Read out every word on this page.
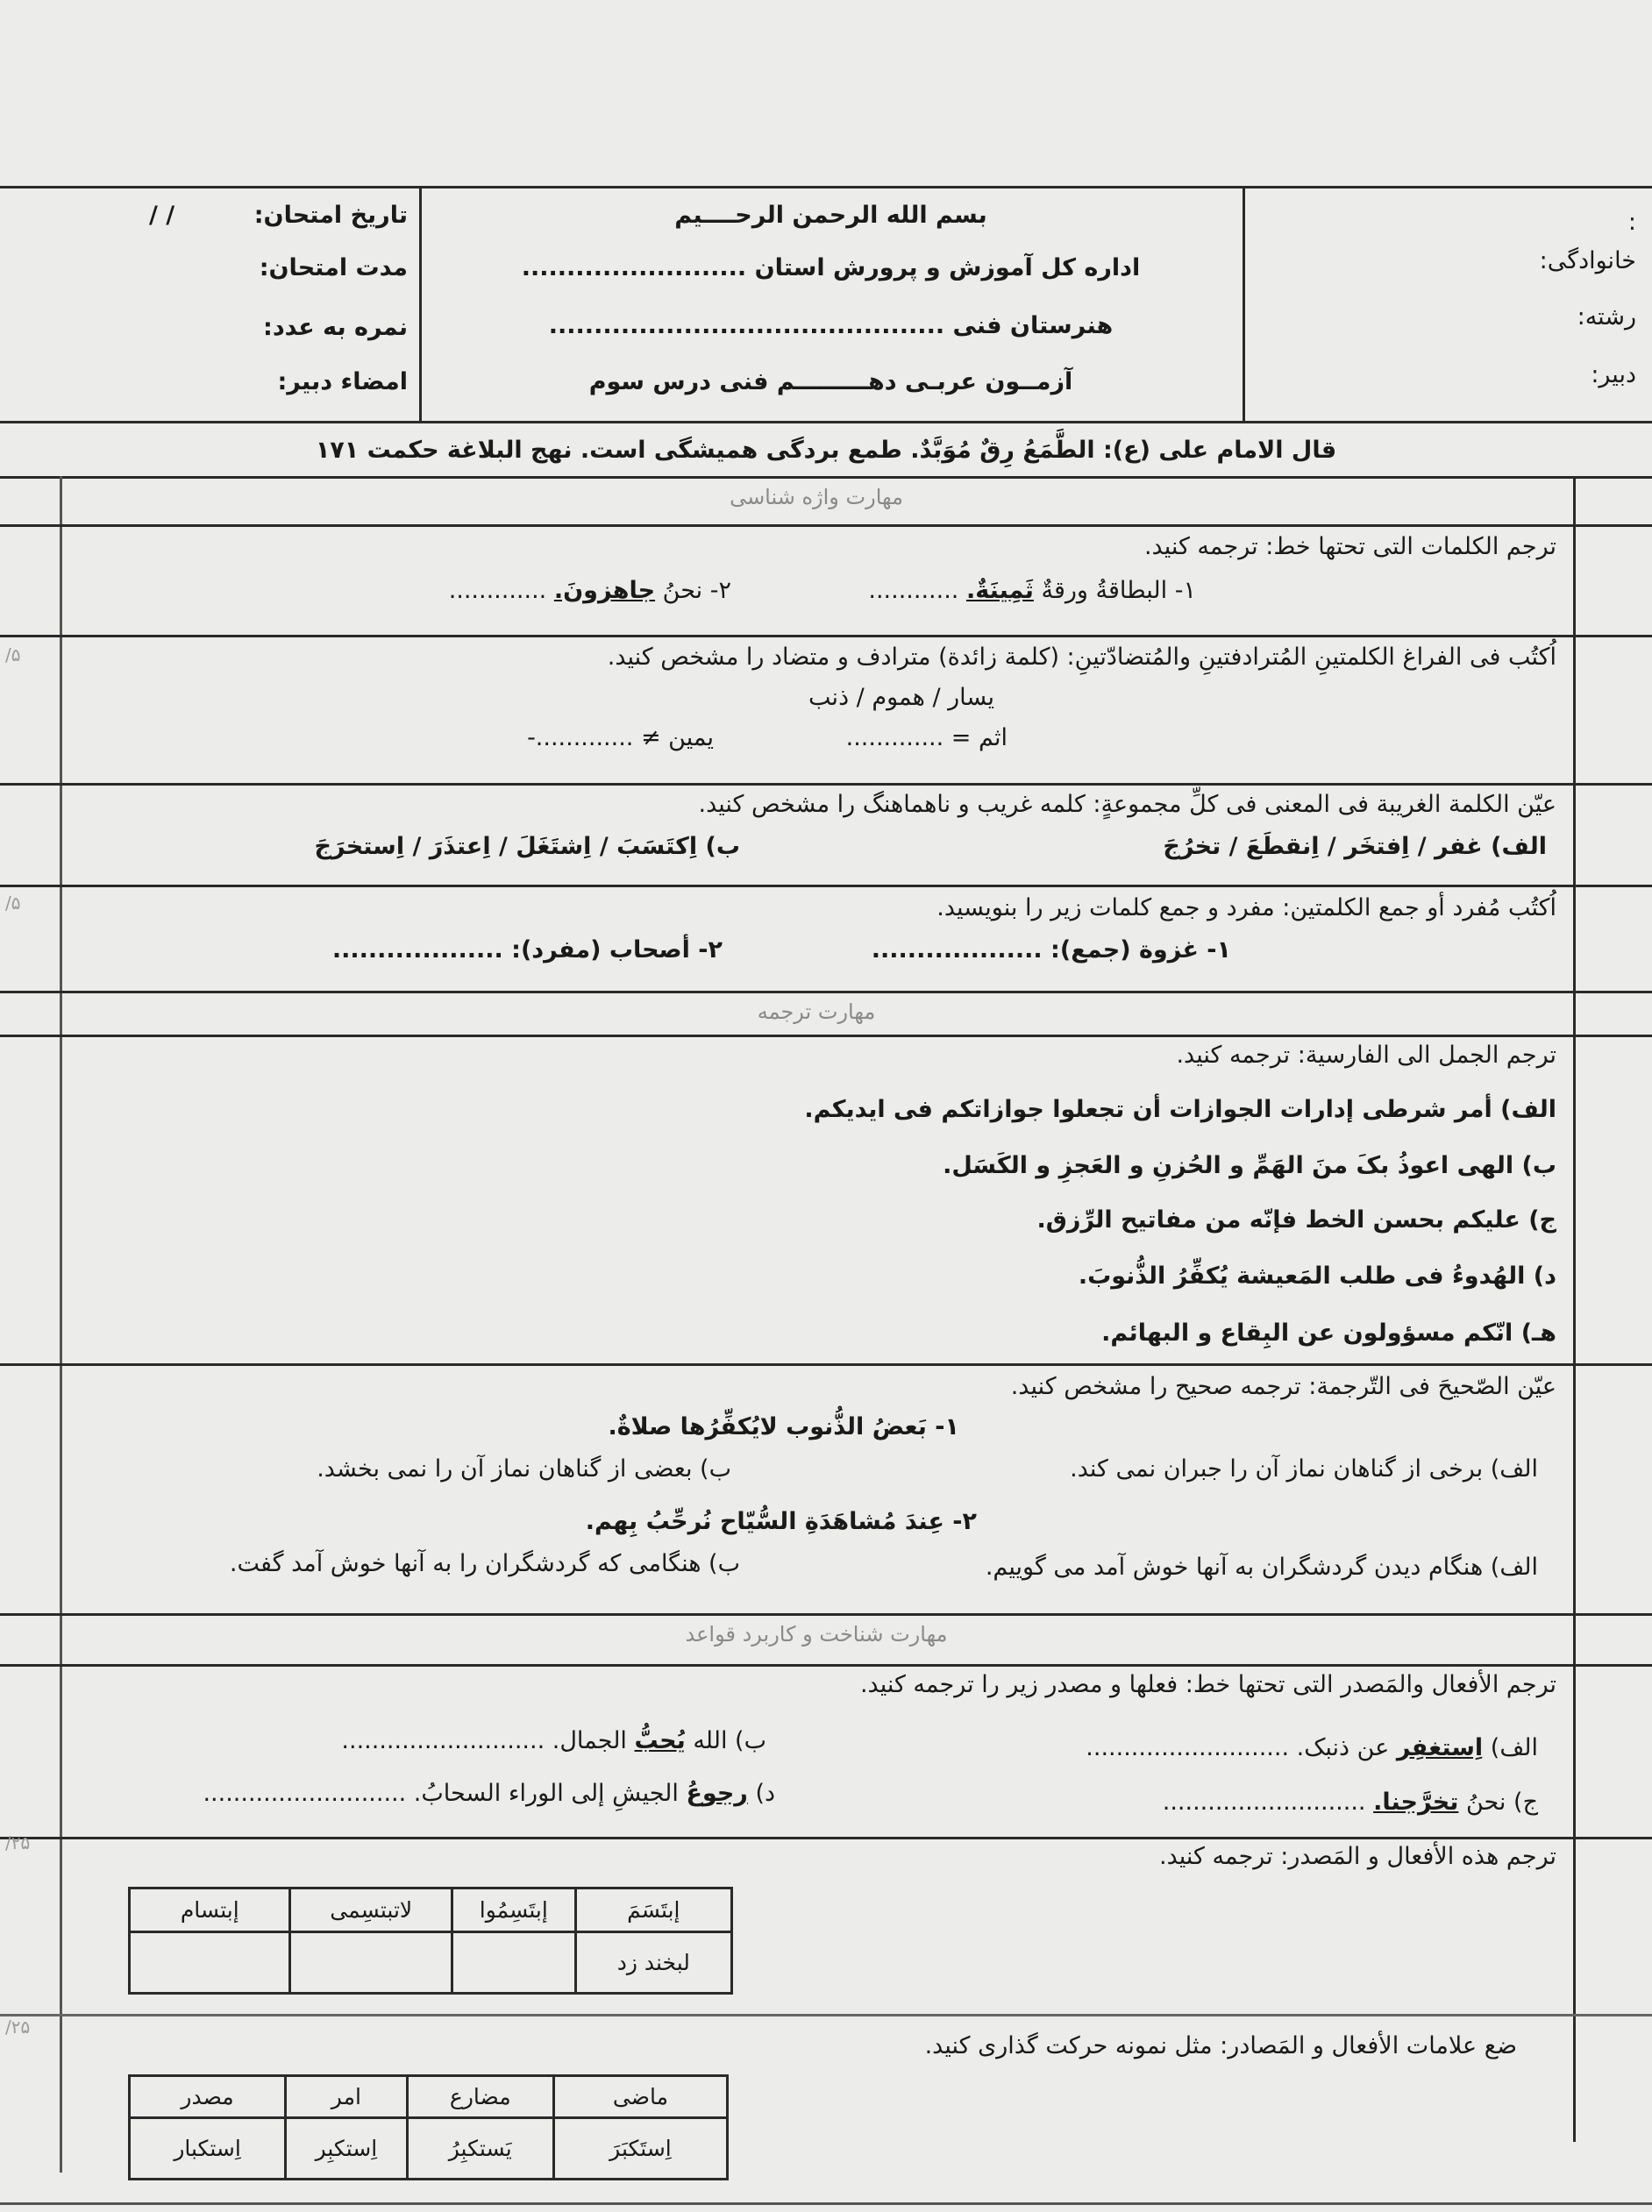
:
خانوادگی:
رشته:
دبیر:
بسم الله الرحمن الرحــــیم
اداره کل آموزش و پرورش استان .........................
هنرستان فنی ............................................
آزمــون عربـی دهـــــــــم فنی درس سوم
تاریخ امتحان:
/ /
مدت امتحان:
نمره به عدد:
امضاء دبیر:
قال الامام علی (ع): الطَّمَعُ رِقٌ مُوَبَّدٌ. طمع بردگی همیشگی است. نهج البلاغة حکمت ۱۷۱
مهارت واژه شناسی
ترجم الکلمات التی تحتها خط: ترجمه کنید.
۱- البطاقةُ ورقةٌ ثَمِينَةٌ. ............
۲- نحنُ جاهزونَ. .............
/۵	اُکتُب فی الفراغ الکلمتینِ المُترادفتینِ والمُتضادّتینِ: (کلمة زائدة) مترادف و متضاد را مشخص کنید.
یسار / هموم / ذنب
اثم = .............
یمین ≠ .............-
عیّن الکلمة الغریبة فی المعنی فی کلِّ مجموعةٍ: کلمه غریب و ناهماهنگ را مشخص کنید.
الف) غفر / اِفتخَر / اِنقطَعَ / تخرُجَ
ب) اِکتَسَبَ / اِشتَغَلَ / اِعتذَرَ / اِستخرَجَ
/۵	اُکتُب مُفرد أو جمع الکلمتین: مفرد و جمع کلمات زیر را بنویسید.
۱- غزوة (جمع): ...................
۲- أصحاب (مفرد): ...................
مهارت ترجمه
ترجم الجمل الی الفارسیة: ترجمه کنید.
الف) أمر شرطی إدارات الجوازات أن تجعلوا جوازاتکم فی ایدیکم.
ب) الهی اعوذُ بکَ منَ الهَمِّ و الحُزنِ و العَجزِ و الکَسَل.
ج) علیکم بحسن الخط فإنّه من مفاتیح الرِّزق.
د) الهُدوءُ فی طلب المَعیشة یُکفِّرُ الذُّنوبَ.
هـ) انّکم مسؤولون عن البِقاع و البهائم.
عیّن الصّحیحَ فی التّرجمة: ترجمه صحیح را مشخص کنید.
۱- بَعضُ الذُّنوب لایُکفِّرُها صلاةٌ.
الف) برخی از گناهان نماز آن را جبران نمی کند.
ب) بعضی از گناهان نماز آن را نمی بخشد.
۲- عِندَ مُشاهَدَةِ السُّیّاح نُرحِّبُ بِهم.
الف) هنگام دیدن گردشگران به آنها خوش آمد می گوییم.
ب) هنگامی که گردشگران را به آنها خوش آمد گفت.
مهارت شناخت و کاربرد قواعد
ترجم الأفعال والمَصدر التی تحتها خط: فعلها و مصدر زیر را ترجمه کنید.
الف) اِستغفِر عن ذنبک. ...........................
ب) الله یُحبُّ الجمال. ...........................
ج) نحنُ تخرَّجنا. ...........................
د) رجوعُ الجیشِ إلی الوراء السحابُ. ...........................
/۲۵	ترجم هذه الأفعال و المَصدر: ترجمه کنید.
إبتَسَمَ	إبتَسِمُوا	لاتبتسِمی	إبتسام
لبخند زد			
/۲۵
ضع علامات الأفعال و المَصادر: مثل نمونه حرکت گذاری کنید.
ماضی	مضارع	امر	مصدر
اِستَکبَرَ	یَستکبِرُ	اِستکبِر	اِستکبار
